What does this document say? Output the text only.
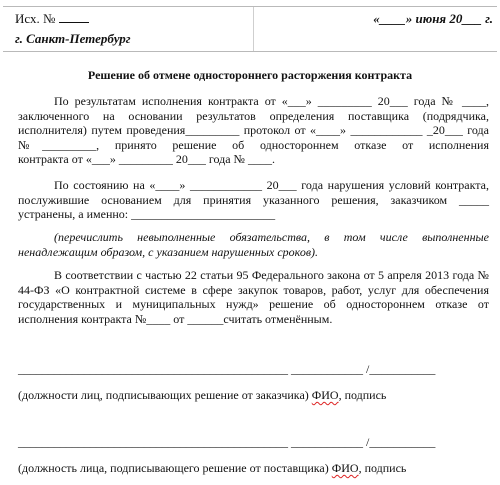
Исх. №
г. Санкт-Петербург
«____» июня 20___ г.
Решение об отмене одностороннего расторжения контракта
По результатам исполнения контракта от «___» _________ 20___ года № ____,
заключенного на основании результатов определения поставщика (подрядчика,
исполнителя) путем проведения_________ протокол от «____» ____________ _20___ года
№_________, принято решение об одностороннем отказе от исполнения
контракта от «___» _________ 20___ года № ____.
По состоянию на «____» ____________ 20___ года нарушения условий контракта,
послужившие основанием для принятия указанного решения, заказчиком _____
устранены, а именно: ________________________
(перечислить невыполненные обязательства, в том числе выполненные
ненадлежащим образом, с указанием нарушенных сроков).
В соответствии с частью 22 статьи 95 Федерального закона от 5 апреля 2013 года №
44-ФЗ «О контрактной системе в сфере закупок товаров, работ, услуг для обеспечения
государственных и муниципальных нужд» решение об одностороннем отказе от
исполнения контракта №____ от ______считать отменённым.
_____________________________________________ ____________ /___________
(должности лиц, подписывающих решение от заказчика) ФИО, подпись
_____________________________________________ ____________ /___________
(должность лица, подписывающего решение от поставщика) ФИО, подпись
